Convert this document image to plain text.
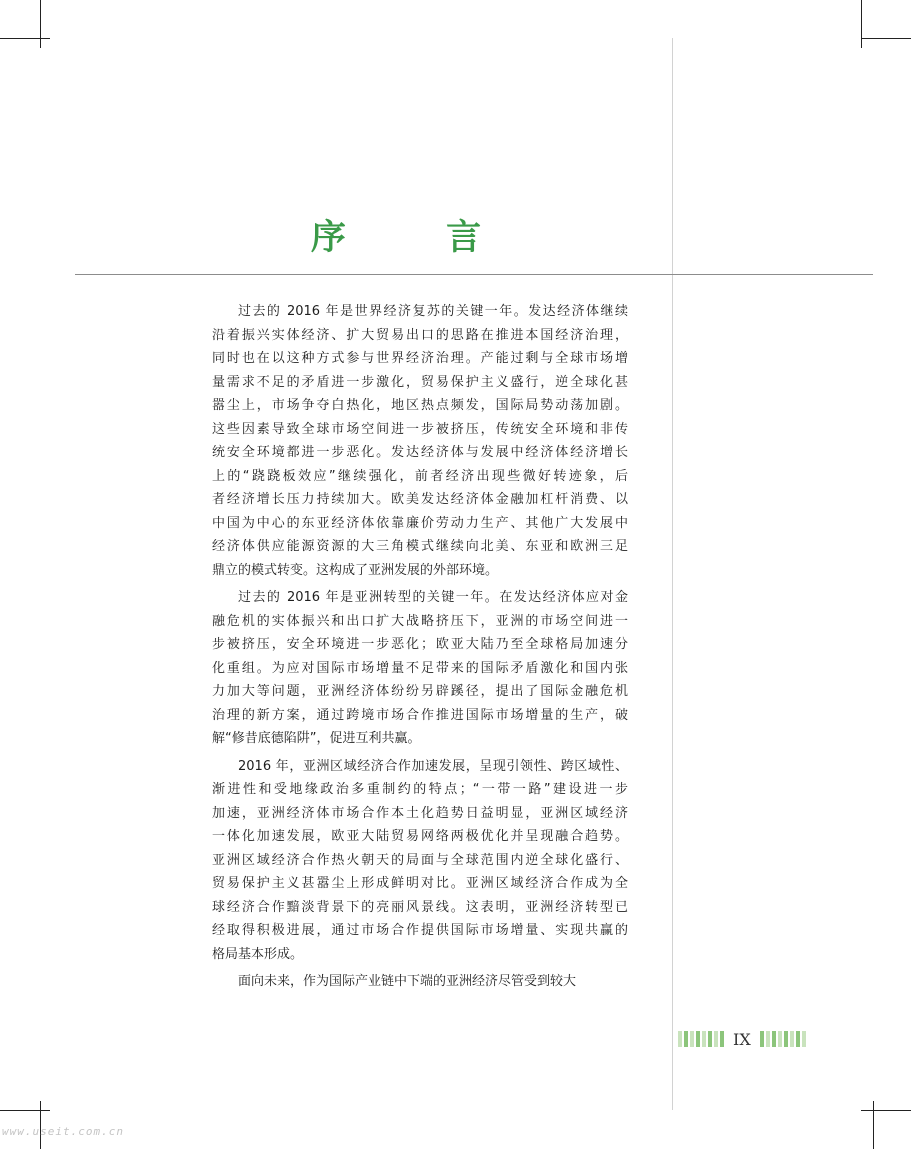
序 言
过去的 2016 年是世界经济复苏的关键一年。发达经济体继续
沿着振兴实体经济、扩大贸易出口的思路在推进本国经济治理，
同时也在以这种方式参与世界经济治理。产能过剩与全球市场增
量需求不足的矛盾进一步激化，贸易保护主义盛行，逆全球化甚
嚣尘上，市场争夺白热化，地区热点频发，国际局势动荡加剧。
这些因素导致全球市场空间进一步被挤压，传统安全环境和非传
统安全环境都进一步恶化。发达经济体与发展中经济体经济增长
上的“跷跷板效应”继续强化，前者经济出现些微好转迹象，后
者经济增长压力持续加大。欧美发达经济体金融加杠杆消费、以
中国为中心的东亚经济体依靠廉价劳动力生产、其他广大发展中
经济体供应能源资源的大三角模式继续向北美、东亚和欧洲三足
鼎立的模式转变。这构成了亚洲发展的外部环境。
过去的 2016 年是亚洲转型的关键一年。在发达经济体应对金
融危机的实体振兴和出口扩大战略挤压下，亚洲的市场空间进一
步被挤压，安全环境进一步恶化；欧亚大陆乃至全球格局加速分
化重组。为应对国际市场增量不足带来的国际矛盾激化和国内张
力加大等问题，亚洲经济体纷纷另辟蹊径，提出了国际金融危机
治理的新方案，通过跨境市场合作推进国际市场增量的生产，破
解“修昔底德陷阱”，促进互利共赢。
2016 年，亚洲区域经济合作加速发展，呈现引领性、跨区域性、
渐进性和受地缘政治多重制约的特点；“一带一路”建设进一步
加速，亚洲经济体市场合作本土化趋势日益明显，亚洲区域经济
一体化加速发展，欧亚大陆贸易网络两极优化并呈现融合趋势。
亚洲区域经济合作热火朝天的局面与全球范围内逆全球化盛行、
贸易保护主义甚嚣尘上形成鲜明对比。亚洲区域经济合作成为全
球经济合作黯淡背景下的亮丽风景线。这表明，亚洲经济转型已
经取得积极进展，通过市场合作提供国际市场增量、实现共赢的
格局基本形成。
面向未来，作为国际产业链中下端的亚洲经济尽管受到较大
IX
www.useit.com.cn
